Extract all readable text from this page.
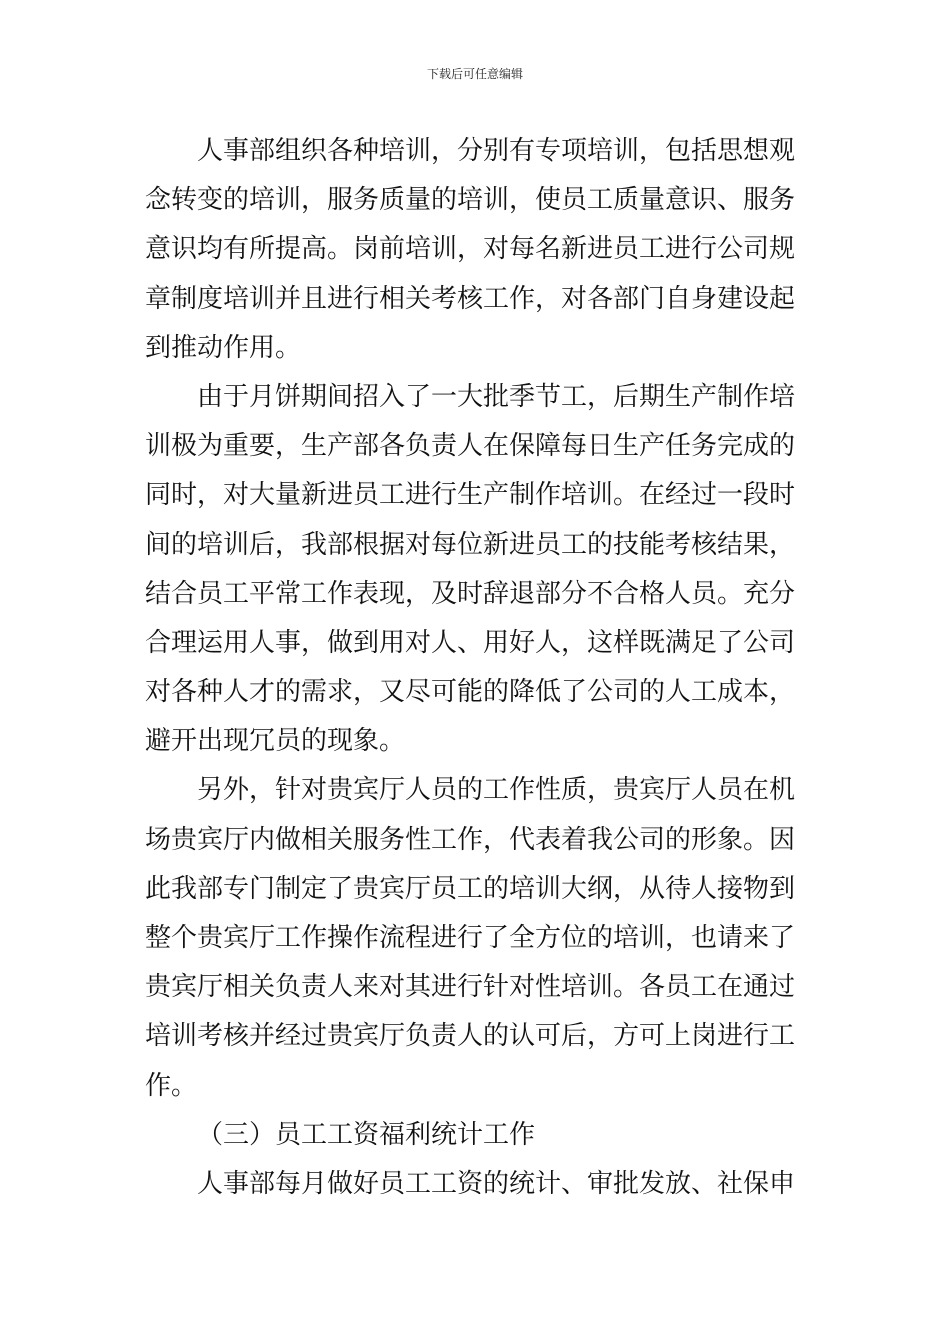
下载后可任意编辑
人事部组织各种培训，分别有专项培训，包括思想观
念转变的培训，服务质量的培训，使员工质量意识、服务
意识均有所提高。岗前培训，对每名新进员工进行公司规
章制度培训并且进行相关考核工作，对各部门自身建设起
到推动作用。
由于月饼期间招入了一大批季节工，后期生产制作培
训极为重要，生产部各负责人在保障每日生产任务完成的
同时，对大量新进员工进行生产制作培训。在经过一段时
间的培训后，我部根据对每位新进员工的技能考核结果，
结合员工平常工作表现，及时辞退部分不合格人员。充分
合理运用人事，做到用对人、用好人，这样既满足了公司
对各种人才的需求，又尽可能的降低了公司的人工成本，
避开出现冗员的现象。
另外，针对贵宾厅人员的工作性质，贵宾厅人员在机
场贵宾厅内做相关服务性工作，代表着我公司的形象。因
此我部专门制定了贵宾厅员工的培训大纲，从待人接物到
整个贵宾厅工作操作流程进行了全方位的培训，也请来了
贵宾厅相关负责人来对其进行针对性培训。各员工在通过
培训考核并经过贵宾厅负责人的认可后，方可上岗进行工
作。
（三）员工工资福利统计工作
人事部每月做好员工工资的统计、审批发放、社保申
